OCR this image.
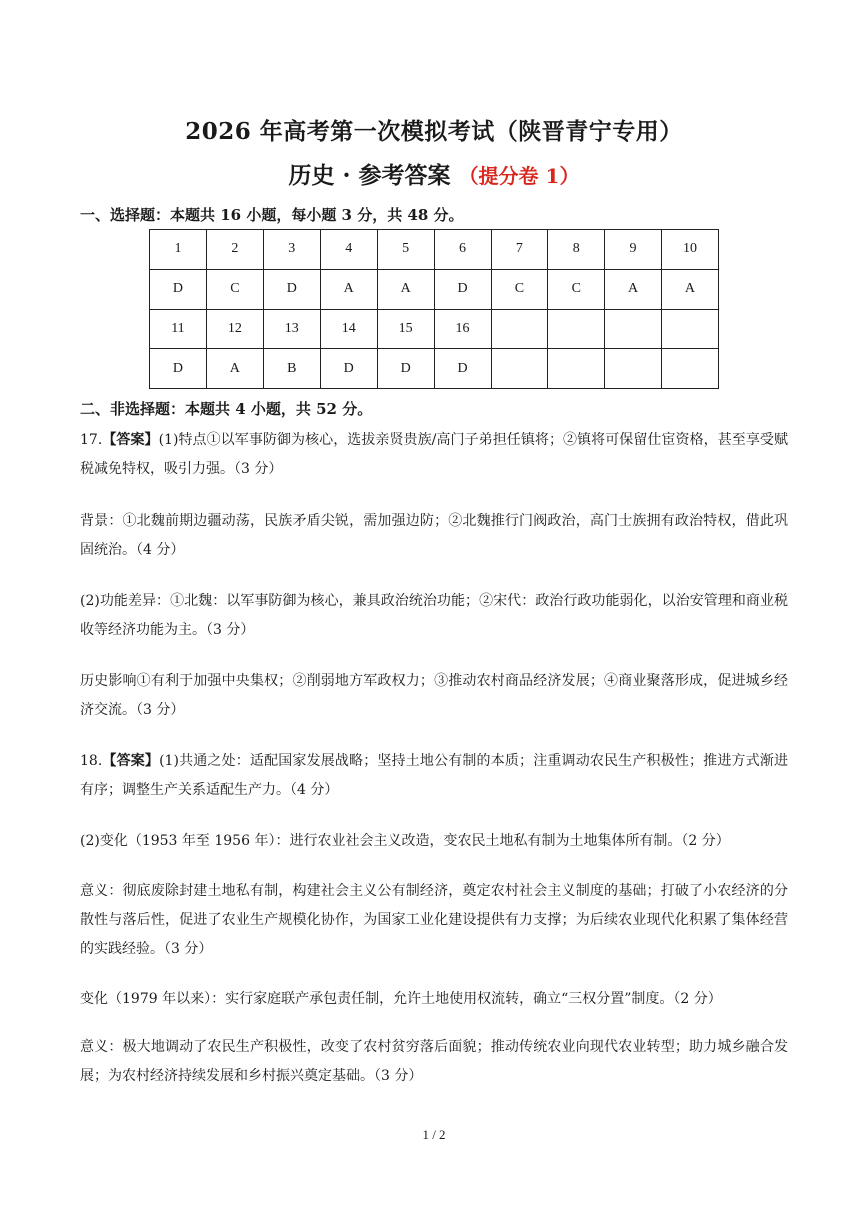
2026 年高考第一次模拟考试（陕晋青宁专用）
历史 · 参考答案 （提分卷 1）
一、选择题：本题共 16 小题，每小题 3 分，共 48 分。
1	2	3	4	5	6	7	8	9	10
D	C	D	A	A	D	C	C	A	A
11	12	13	14	15	16				
D	A	B	D	D	D				
二、非选择题：本题共 4 小题，共 52 分。
17.【答案】(1)特点①以军事防御为核心，选拔亲贤贵族/高门子弟担任镇将；②镇将可保留仕宦资格，甚至享受赋税减免特权，吸引力强。（3 分）
背景：①北魏前期边疆动荡，民族矛盾尖锐，需加强边防；②北魏推行门阀政治，高门士族拥有政治特权，借此巩固统治。（4 分）
(2)功能差异：①北魏：以军事防御为核心，兼具政治统治功能；②宋代：政治行政功能弱化，以治安管理和商业税收等经济功能为主。（3 分）
历史影响①有利于加强中央集权；②削弱地方军政权力；③推动农村商品经济发展；④商业聚落形成，促进城乡经济交流。（3 分）
18.【答案】(1)共通之处：适配国家发展战略；坚持土地公有制的本质；注重调动农民生产积极性；推进方式渐进有序；调整生产关系适配生产力。（4 分）
(2)变化（1953 年至 1956 年）：进行农业社会主义改造，变农民土地私有制为土地集体所有制。（2 分）
意义：彻底废除封建土地私有制，构建社会主义公有制经济，奠定农村社会主义制度的基础；打破了小农经济的分散性与落后性，促进了农业生产规模化协作，为国家工业化建设提供有力支撑；为后续农业现代化积累了集体经营的实践经验。（3 分）
变化（1979 年以来）：实行家庭联产承包责任制，允许土地使用权流转，确立“三权分置”制度。（2 分）
意义：极大地调动了农民生产积极性，改变了农村贫穷落后面貌；推动传统农业向现代农业转型；助力城乡融合发展；为农村经济持续发展和乡村振兴奠定基础。（3 分）
1 / 2
